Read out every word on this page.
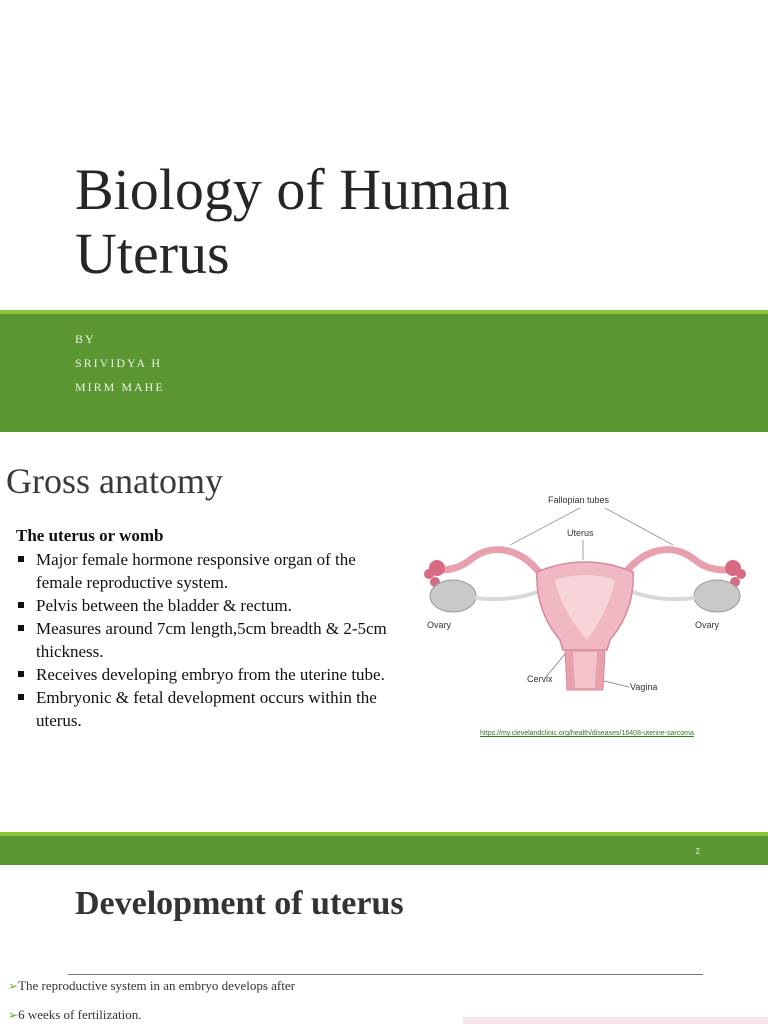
Biology of Human
Uterus
BY
SRIVIDYA H
MIRM MAHE
Gross anatomy
The uterus or womb
Major female hormone responsive organ of the female reproductive system.
Pelvis between the bladder & rectum.
Measures around 7cm length,5cm breadth & 2-5cm thickness.
Receives developing embryo from the uterine tube.
Embryonic & fetal development occurs within the uterus.
Fallopian tubes
Uterus
Ovary	Ovary
Cervix
Vagina
https://my.clevelandclinic.org/health/diseases/16408-uterine-sarcoma
2
Development of uterus
➢The reproductive system in an embryo develops after
➢6 weeks of fertilization.
